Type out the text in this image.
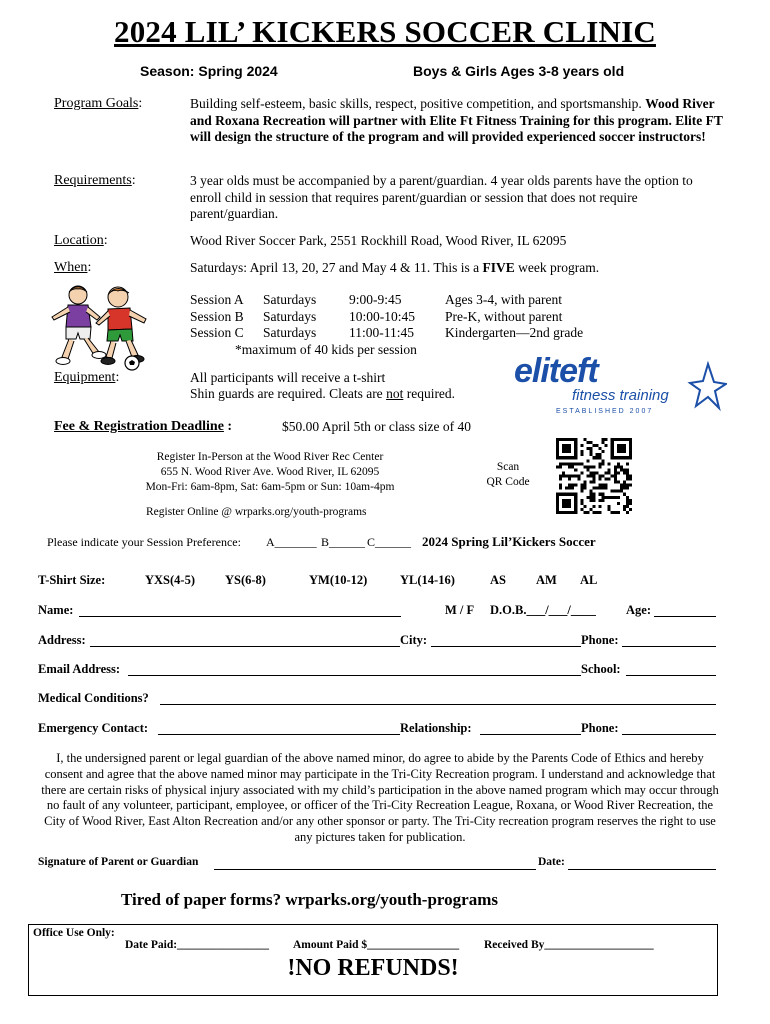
2024 LIL’ KICKERS SOCCER CLINIC
Season: Spring 2024	Boys & Girls Ages 3-8 years old
Program Goals:	Building self-esteem, basic skills, respect, positive competition, and sportsmanship. Wood River and Roxana Recreation will partner with Elite Ft Fitness Training for this program. Elite FT will design the structure of the program and will provided experienced soccer instructors!
Requirements:	3 year olds must be accompanied by a parent/guardian. 4 year olds parents have the option to enroll child in session that requires parent/guardian or session that does not require parent/guardian.
Location:	Wood River Soccer Park, 2551 Rockhill Road, Wood River, IL 62095
When:	Saturdays: April 13, 20, 27 and May 4 & 11. This is a FIVE week program.
Session A	Saturdays	9:00-9:45	Ages 3-4, with parent
Session B	Saturdays	10:00-10:45	Pre-K, without parent
Session C	Saturdays	11:00-11:45	Kindergarten—2nd grade
*maximum of 40 kids per session
Equipment:	All participants will receive a t-shirt
Shin guards are required. Cleats are not required.
eliteft
fitness training
ESTABLISHED 2007
Fee & Registration Deadline :	$50.00 April 5th or class size of 40
Register In-Person at the Wood River Rec Center
655 N. Wood River Ave. Wood River, IL 62095
Mon-Fri: 6am-8pm, Sat: 6am-5pm or Sun: 10am-4pm
Scan
QR Code
Register Online @ wrparks.org/youth-programs
Please indicate your Session Preference: A_______ B______ C______ 2024 Spring Lil’Kickers Soccer
T-Shirt Size:	YXS(4-5) YS(6-8)	YM(10-12)	YL(14-16)	AS AM AL
Name:	M / F D.O.B.___/___/____ Age:
Address:	City:	Phone:
Email Address:	School:
Medical Conditions?
Emergency Contact:	Relationship:	Phone:
I, the undersigned parent or legal guardian of the above named minor, do agree to abide by the Parents Code of Ethics and hereby consent and agree that the above named minor may participate in the Tri-City Recreation program. I understand and acknowledge that there are certain risks of physical injury associated with my child’s participation in the above named program which may occur through no fault of any volunteer, participant, employee, or officer of the Tri-City Recreation League, Roxana, or Wood River Recreation, the City of Wood River, East Alton Recreation and/or any other sponsor or party. The Tri-City recreation program reserves the right to use any pictures taken for publication.
Signature of Parent or Guardian	Date:
Tired of paper forms? wrparks.org/youth-programs
Office Use Only:
Date Paid:________________ Amount Paid $________________ Received By___________________
!NO REFUNDS!
